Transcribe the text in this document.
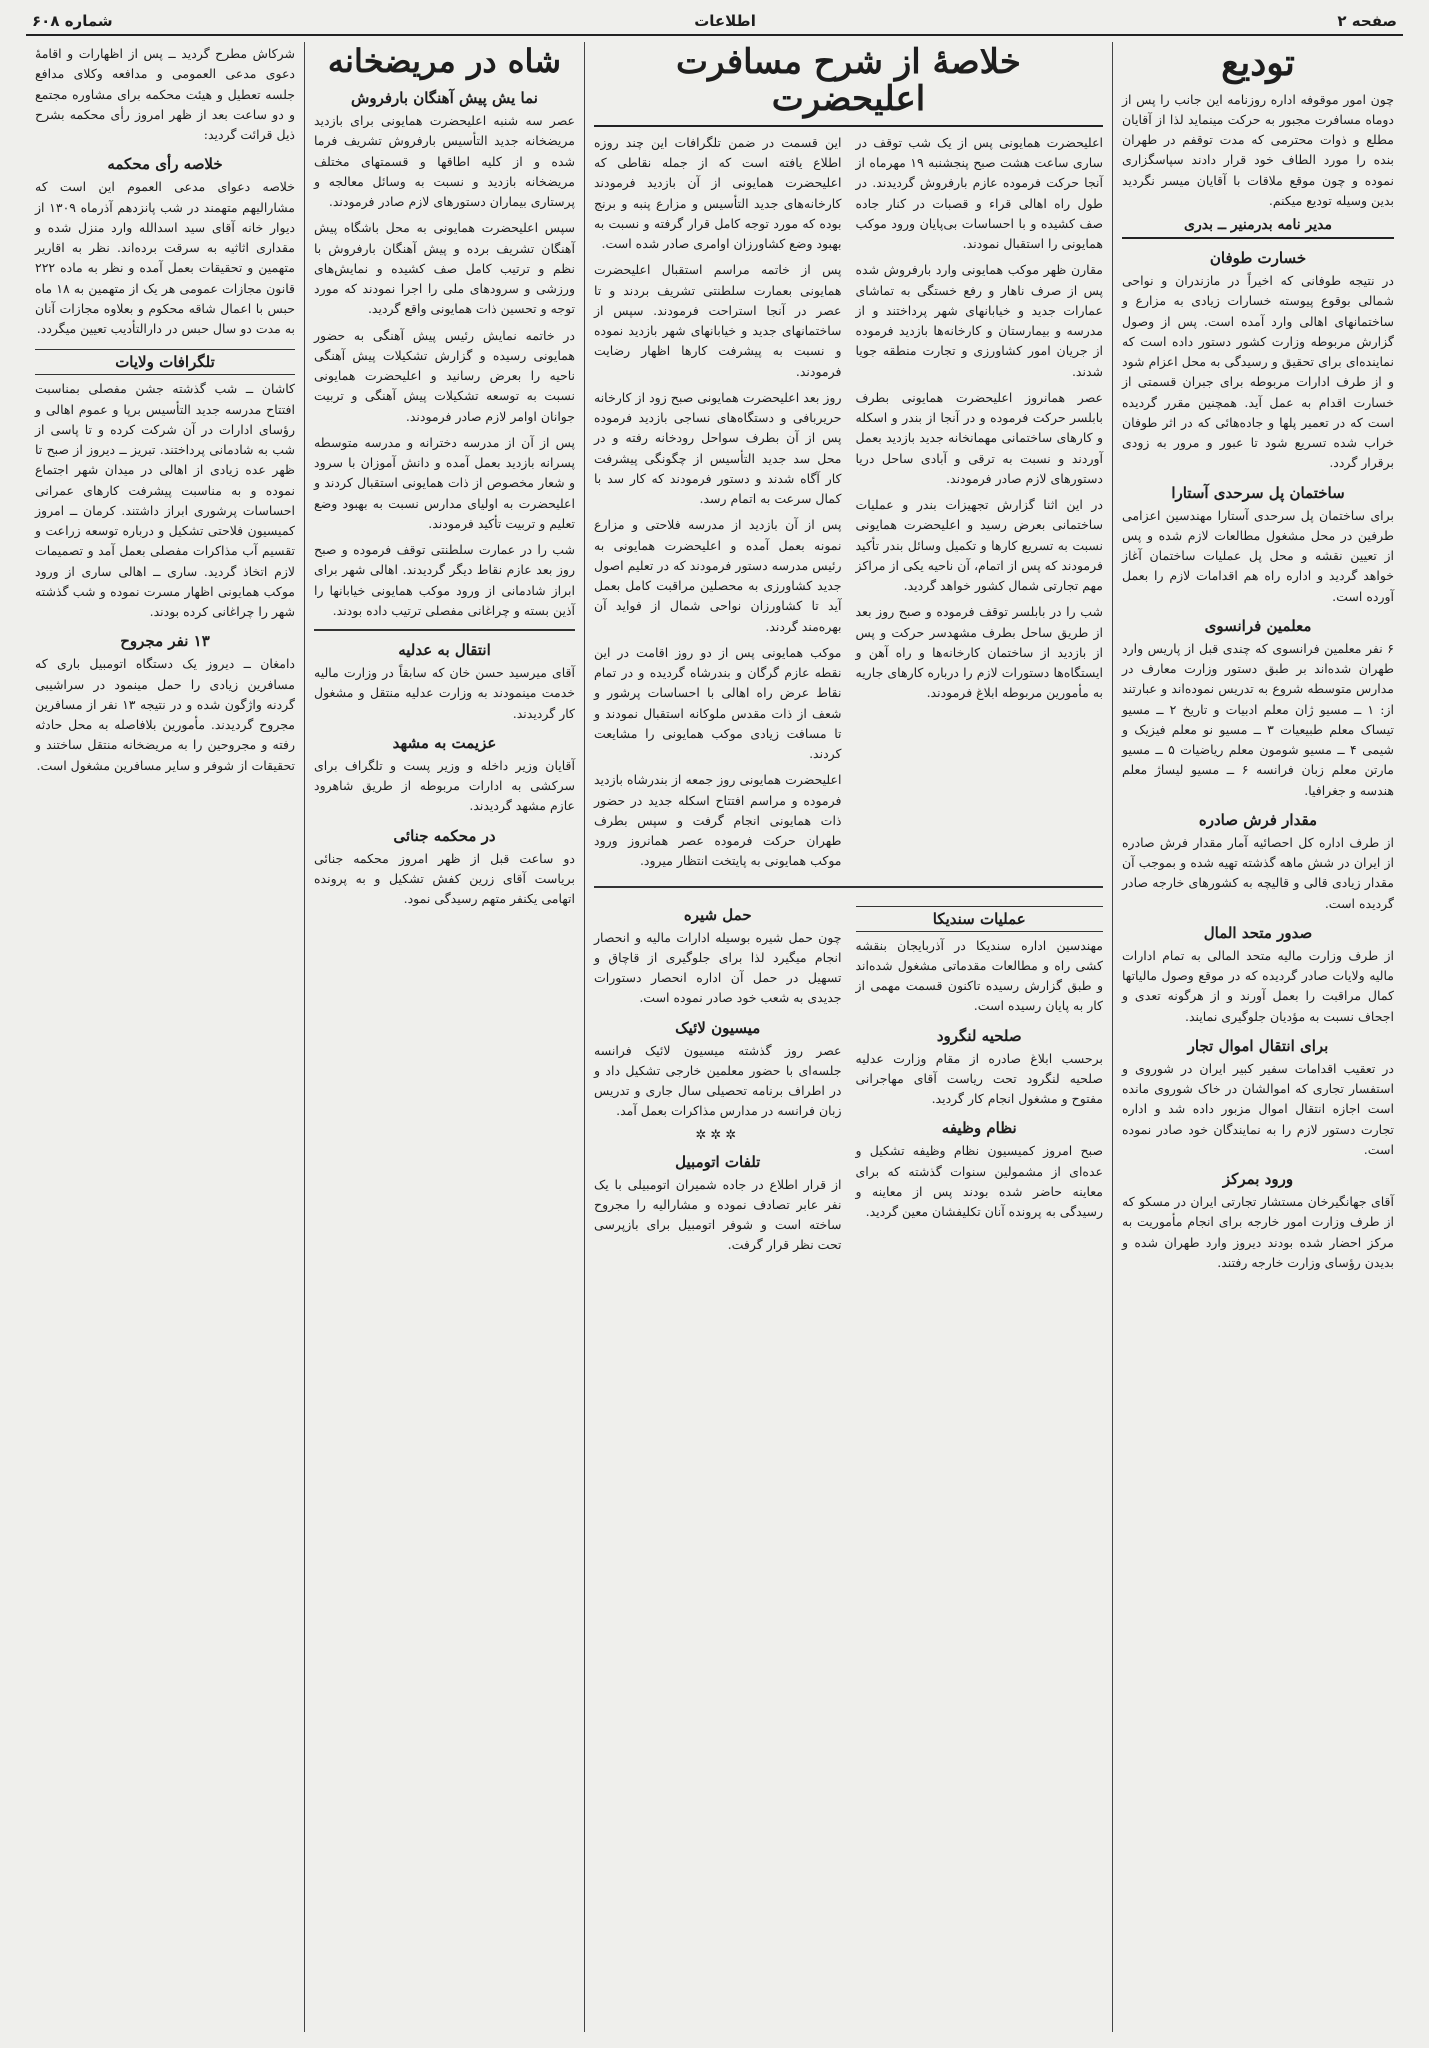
صفحه ۲
اطلاعات
شماره ۶۰۸
تودیع

چون امور موقوفه اداره روزنامه این جانب را پس از دوماه مسافرت مجبور به حرکت مینماید لذا از آقایان مطلع و ذوات محترمی که مدت توقفم در طهران بنده را مورد الطاف خود قرار دادند سپاسگزاری نموده و چون موقع ملاقات با آقایان میسر نگردید بدین وسیله تودیع میکنم.

مدیر نامه بدرمنیر ــ بدری
خسارت طوفان

در نتیجه طوفانی که اخیراً در مازندران و نواحی شمالی بوقوع پیوسته خسارات زیادی به مزارع و ساختمانهای اهالی وارد آمده است. پس از وصول گزارش مربوطه وزارت کشور دستور داده است که نماینده‌ای برای تحقیق و رسیدگی به محل اعزام شود و از طرف ادارات مربوطه برای جبران قسمتی از خسارت اقدام به عمل آید. همچنین مقرر گردیده است که در تعمیر پلها و جاده‌هائی که در اثر طوفان خراب شده تسریع شود تا عبور و مرور به زودی برقرار گردد.

ساختمان پل سرحدی آستارا

برای ساختمان پل سرحدی آستارا مهندسین اعزامی طرفین در محل مشغول مطالعات لازم شده و پس از تعیین نقشه و محل پل عملیات ساختمان آغاز خواهد گردید و اداره راه هم اقدامات لازم را بعمل آورده است.

معلمین فرانسوی

۶ نفر معلمین فرانسوی که چندی قبل از پاریس وارد طهران شده‌اند بر طبق دستور وزارت معارف در مدارس متوسطه شروع به تدریس نموده‌اند و عبارتند از: ۱ ــ مسیو ژان معلم ادبیات و تاریخ ۲ ــ مسیو تیساک معلم طبیعیات ۳ ــ مسیو نو معلم فیزیک و شیمی ۴ ــ مسیو شومون معلم ریاضیات ۵ ــ مسیو مارتن معلم زبان فرانسه ۶ ــ مسیو لیساژ معلم هندسه و جغرافیا.

مقدار فرش صادره

از طرف اداره کل احصائیه آمار مقدار فرش صادره از ایران در شش ماهه گذشته تهیه شده و بموجب آن مقدار زیادی قالی و قالیچه به کشورهای خارجه صادر گردیده است.

صدور متحد المال

از طرف وزارت مالیه متحد المالی به تمام ادارات مالیه ولایات صادر گردیده که در موقع وصول مالیاتها کمال مراقبت را بعمل آورند و از هرگونه تعدی و اجحاف نسبت به مؤدیان جلوگیری نمایند.

برای انتقال اموال تجار

در تعقیب اقدامات سفیر کبیر ایران در شوروی و استفسار تجاری که اموالشان در خاک شوروی مانده است اجازه انتقال اموال مزبور داده شد و اداره تجارت دستور لازم را به نمایندگان خود صادر نموده است.

ورود بمرکز

آقای جهانگیرخان مستشار تجارتی ایران در مسکو که از طرف وزارت امور خارجه برای انجام مأموریت به مرکز احضار شده بودند دیروز وارد طهران شده و بدیدن رؤسای وزارت خارجه رفتند.

خلاصهٔ از شرح مسافرت اعلیحضرت

اعلیحضرت همایونی پس از یک شب توقف در ساری ساعت هشت صبح پنجشنبه ۱۹ مهرماه از آنجا حرکت فرموده عازم بارفروش گردیدند. در طول راه اهالی قراء و قصبات در کنار جاده صف کشیده و با احساسات بی‌پایان ورود موکب همایونی را استقبال نمودند.

مقارن ظهر موکب همایونی وارد بارفروش شده پس از صرف ناهار و رفع خستگی به تماشای عمارات جدید و خیابانهای شهر پرداختند و از مدرسه و بیمارستان و کارخانه‌ها بازدید فرموده از جریان امور کشاورزی و تجارت منطقه جویا شدند.

عصر همانروز اعلیحضرت همایونی بطرف بابلسر حرکت فرموده و در آنجا از بندر و اسکله و کارهای ساختمانی مهمانخانه جدید بازدید بعمل آوردند و نسبت به ترقی و آبادی ساحل دریا دستورهای لازم صادر فرمودند.

در این اثنا گزارش تجهیزات بندر و عملیات ساختمانی بعرض رسید و اعلیحضرت همایونی نسبت به تسریع کارها و تکمیل وسائل بندر تأکید فرمودند که پس از اتمام، آن ناحیه یکی از مراکز مهم تجارتی شمال کشور خواهد گردید.

شب را در بابلسر توقف فرموده و صبح روز بعد از طریق ساحل بطرف مشهدسر حرکت و پس از بازدید از ساختمان کارخانه‌ها و راه آهن و ایستگاه‌ها دستورات لازم را درباره کارهای جاریه به مأمورین مربوطه ابلاغ فرمودند.

این قسمت در ضمن تلگرافات این چند روزه اطلاع یافته است که از جمله نقاطی که اعلیحضرت همایونی از آن بازدید فرمودند کارخانه‌های جدید التأسیس و مزارع پنبه و برنج بوده که مورد توجه کامل قرار گرفته و نسبت به بهبود وضع کشاورزان اوامری صادر شده است.

پس از خاتمه مراسم استقبال اعلیحضرت همایونی بعمارت سلطنتی تشریف بردند و تا عصر در آنجا استراحت فرمودند. سپس از ساختمانهای جدید و خیابانهای شهر بازدید نموده و نسبت به پیشرفت کارها اظهار رضایت فرمودند.

روز بعد اعلیحضرت همایونی صبح زود از کارخانه حریربافی و دستگاه‌های نساجی بازدید فرموده پس از آن بطرف سواحل رودخانه رفته و در محل سد جدید التأسیس از چگونگی پیشرفت کار آگاه شدند و دستور فرمودند که کار سد با کمال سرعت به اتمام رسد.

پس از آن بازدید از مدرسه فلاحتی و مزارع نمونه بعمل آمده و اعلیحضرت همایونی به رئیس مدرسه دستور فرمودند که در تعلیم اصول جدید کشاورزی به محصلین مراقبت کامل بعمل آید تا کشاورزان نواحی شمال از فواید آن بهره‌مند گردند.

موکب همایونی پس از دو روز اقامت در این نقطه عازم گرگان و بندرشاه گردیده و در تمام نقاط عرض راه اهالی با احساسات پرشور و شعف از ذات مقدس ملوکانه استقبال نمودند و تا مسافت زیادی موکب همایونی را مشایعت کردند.

اعلیحضرت همایونی روز جمعه از بندرشاه بازدید فرموده و مراسم افتتاح اسکله جدید در حضور ذات همایونی انجام گرفت و سپس بطرف طهران حرکت فرموده عصر همانروز ورود موکب همایونی به پایتخت انتظار میرود.

عملیات سندیکا

مهندسین اداره سندیکا در آذربایجان بنقشه کشی راه و مطالعات مقدماتی مشغول شده‌اند و طبق گزارش رسیده تاکنون قسمت مهمی از کار به پایان رسیده است.

صلحیه لنگرود

برحسب ابلاغ صادره از مقام وزارت عدلیه صلحیه لنگرود تحت ریاست آقای مهاجرانی مفتوح و مشغول انجام کار گردید.

نظام وظیفه

صبح امروز کمیسیون نظام وظیفه تشکیل و عده‌ای از مشمولین سنوات گذشته که برای معاینه حاضر شده بودند پس از معاینه و رسیدگی به پرونده آنان تکلیفشان معین گردید.

حمل شیره

چون حمل شیره بوسیله ادارات مالیه و انحصار انجام میگیرد لذا برای جلوگیری از قاچاق و تسهیل در حمل آن اداره انحصار دستورات جدیدی به شعب خود صادر نموده است.

میسیون لائیک

عصر روز گذشته میسیون لائیک فرانسه جلسه‌ای با حضور معلمین خارجی تشکیل داد و در اطراف برنامه تحصیلی سال جاری و تدریس زبان فرانسه در مدارس مذاکرات بعمل آمد.

✲✲✲
تلفات اتومبیل

از قرار اطلاع در جاده شمیران اتومبیلی با یک نفر عابر تصادف نموده و مشارالیه را مجروح ساخته است و شوفر اتومبیل برای بازپرسی تحت نظر قرار گرفت.

شاه در مریضخانه
نما یش پیش آهنگان بارفروش

عصر سه شنبه اعلیحضرت همایونی برای بازدید مریضخانه جدید التأسیس بارفروش تشریف فرما شده و از کلیه اطاقها و قسمتهای مختلف مریضخانه بازدید و نسبت به وسائل معالجه و پرستاری بیماران دستورهای لازم صادر فرمودند.

سپس اعلیحضرت همایونی به محل باشگاه پیش آهنگان تشریف برده و پیش آهنگان بارفروش با نظم و ترتیب کامل صف کشیده و نمایش‌های ورزشی و سرودهای ملی را اجرا نمودند که مورد توجه و تحسین ذات همایونی واقع گردید.

در خاتمه نمایش رئیس پیش آهنگی به حضور همایونی رسیده و گزارش تشکیلات پیش آهنگی ناحیه را بعرض رسانید و اعلیحضرت همایونی نسبت به توسعه تشکیلات پیش آهنگی و تربیت جوانان اوامر لازم صادر فرمودند.

پس از آن از مدرسه دخترانه و مدرسه متوسطه پسرانه بازدید بعمل آمده و دانش آموزان با سرود و شعار مخصوص از ذات همایونی استقبال کردند و اعلیحضرت به اولیای مدارس نسبت به بهبود وضع تعلیم و تربیت تأکید فرمودند.

شب را در عمارت سلطنتی توقف فرموده و صبح روز بعد عازم نقاط دیگر گردیدند. اهالی شهر برای ابراز شادمانی از ورود موکب همایونی خیابانها را آذین بسته و چراغانی مفصلی ترتیب داده بودند.

انتقال به عدلیه

آقای میرسید حسن خان که سابقاً در وزارت مالیه خدمت مینمودند به وزارت عدلیه منتقل و مشغول کار گردیدند.

عزیمت به مشهد

آقایان وزیر داخله و وزیر پست و تلگراف برای سرکشی به ادارات مربوطه از طریق شاهرود عازم مشهد گردیدند.

در محکمه جنائی

دو ساعت قبل از ظهر امروز محکمه جنائی بریاست آقای زرین کفش تشکیل و به پرونده اتهامی یکنفر متهم رسیدگی نمود.

شرکاش مطرح گردید ــ پس از اظهارات و اقامهٔ دعوی مدعی العمومی و مدافعه وکلای مدافع جلسه تعطیل و هیئت محکمه برای مشاوره مجتمع و دو ساعت بعد از ظهر امروز رأی محکمه بشرح ذیل قرائت گردید:

خلاصه رأی محکمه

خلاصه دعوای مدعی العموم این است که مشارالیهم متهمند در شب پانزدهم آذرماه ۱۳۰۹ از دیوار خانه آقای سید اسدالله وارد منزل شده و مقداری اثاثیه به سرقت برده‌اند. نظر به اقاریر متهمین و تحقیقات بعمل آمده و نظر به ماده ۲۲۲ قانون مجازات عمومی هر یک از متهمین به ۱۸ ماه حبس با اعمال شاقه محکوم و بعلاوه مجازات آنان به مدت دو سال حبس در دارالتأدیب تعیین میگردد.

تلگرافات ولایات

کاشان ــ شب گذشته جشن مفصلی بمناسبت افتتاح مدرسه جدید التأسیس برپا و عموم اهالی و رؤسای ادارات در آن شرکت کرده و تا پاسی از شب به شادمانی پرداختند. تبریز ــ دیروز از صبح تا ظهر عده زیادی از اهالی در میدان شهر اجتماع نموده و به مناسبت پیشرفت کارهای عمرانی احساسات پرشوری ابراز داشتند. کرمان ــ امروز کمیسیون فلاحتی تشکیل و درباره توسعه زراعت و تقسیم آب مذاکرات مفصلی بعمل آمد و تصمیمات لازم اتخاذ گردید. ساری ــ اهالی ساری از ورود موکب همایونی اظهار مسرت نموده و شب گذشته شهر را چراغانی کرده بودند.

۱۳ نفر مجروح

دامغان ــ دیروز یک دستگاه اتومبیل باری که مسافرین زیادی را حمل مینمود در سراشیبی گردنه واژگون شده و در نتیجه ۱۳ نفر از مسافرین مجروح گردیدند. مأمورین بلافاصله به محل حادثه رفته و مجروحین را به مریضخانه منتقل ساختند و تحقیقات از شوفر و سایر مسافرین مشغول است.
